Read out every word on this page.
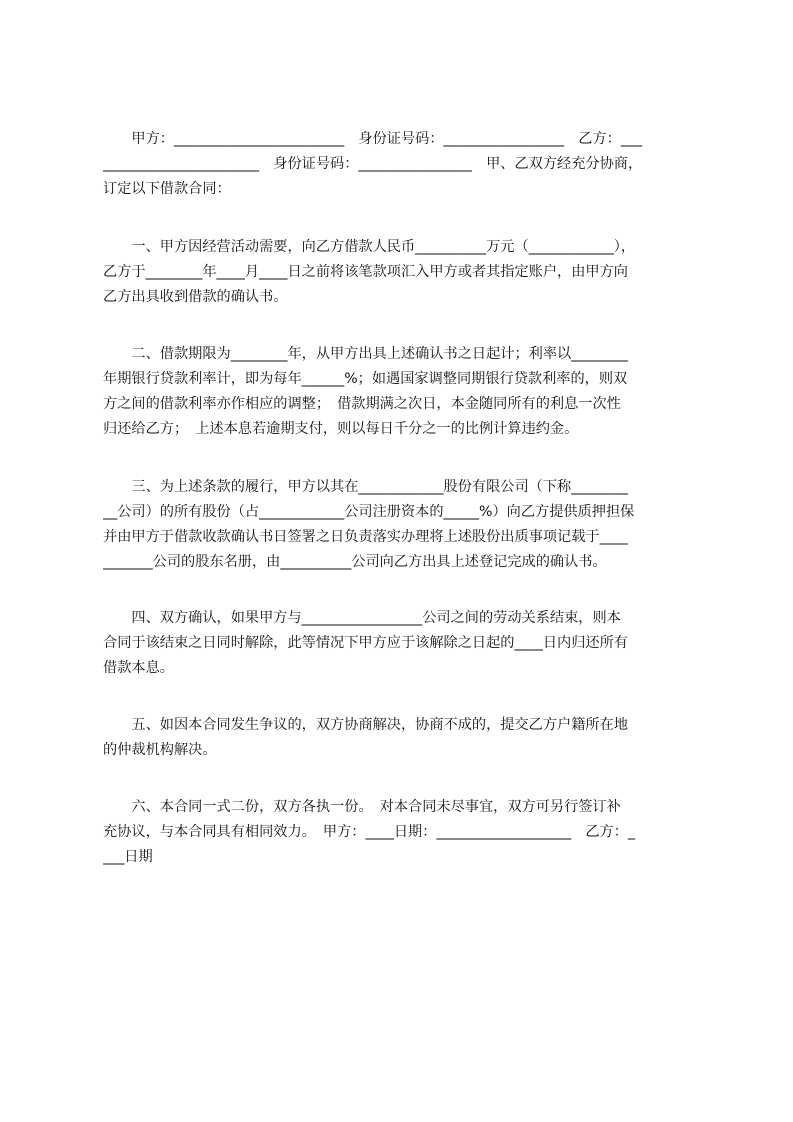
　　甲方：________________________　身份证号码：_________________　乙方：___
______________________　身份证号码：________________　甲、乙双方经充分协商，
订定以下借款合同：
　　一、甲方因经营活动需要，向乙方借款人民币__________万元（____________），
乙方于________年____月____日之前将该笔款项汇入甲方或者其指定账户，由甲方向
乙方出具收到借款的确认书。
　　二、借款期限为________年，从甲方出具上述确认书之日起计；利率以________
年期银行贷款利率计，即为每年______%；如遇国家调整同期银行贷款利率的，则双
方之间的借款利率亦作相应的调整；　借款期满之次日，本金随同所有的利息一次性
归还给乙方；　上述本息若逾期支付，则以每日千分之一的比例计算违约金。
　　三、为上述条款的履行，甲方以其在____________股份有限公司（下称________
__公司）的所有股份（占____________公司注册资本的_____%）向乙方提供质押担保
并由甲方于借款收款确认书日签署之日负责落实办理将上述股份出质事项记载于____
_______公司的股东名册，由__________公司向乙方出具上述登记完成的确认书。
　　四、双方确认，如果甲方与_________________公司之间的劳动关系结束，则本
合同于该结束之日同时解除，此等情况下甲方应于该解除之日起的____日内归还所有
借款本息。
　　五、如因本合同发生争议的，双方协商解决，协商不成的，提交乙方户籍所在地
的仲裁机构解决。
　　六、本合同一式二份，双方各执一份。　对本合同未尽事宜，双方可另行签订补
充协议，与本合同具有相同效力。　甲方：____日期：___________________　乙方：_
___日期
